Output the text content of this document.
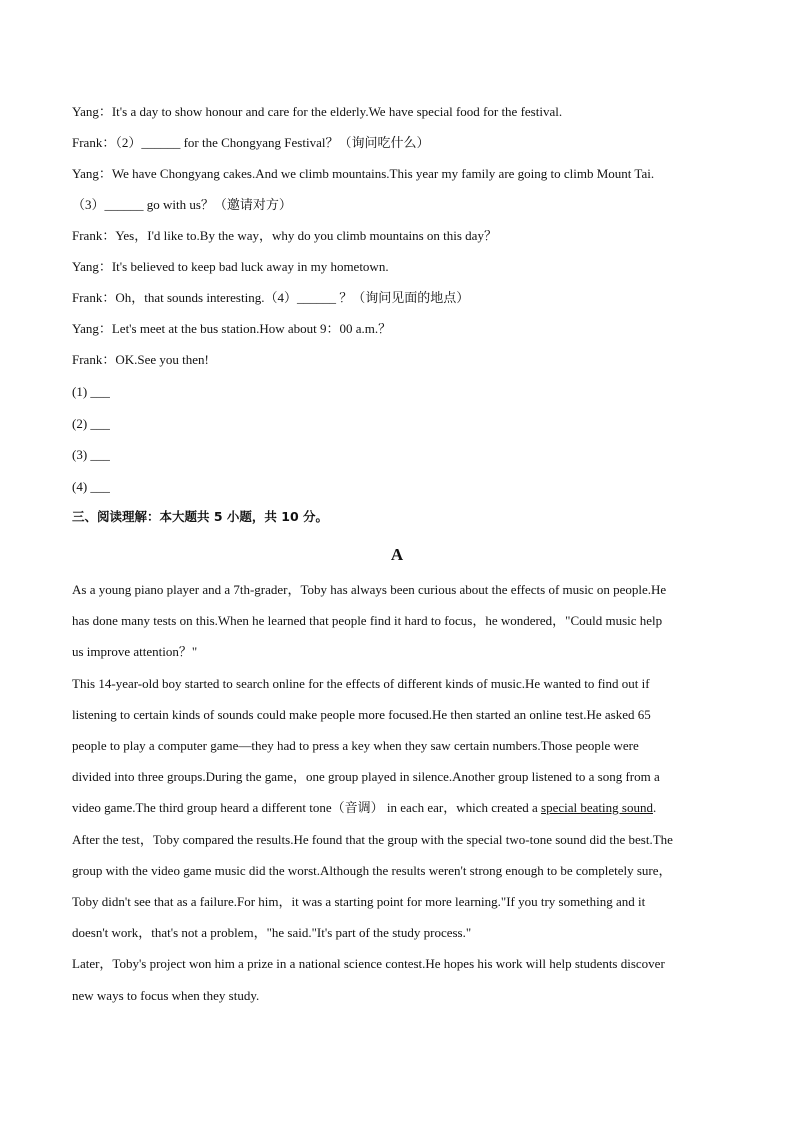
Yang：It's a day to show honour and care for the elderly.We have special food for the festival.
Frank：（2）______ for the Chongyang Festival？（询问吃什么）
Yang：We have Chongyang cakes.And we climb mountains.This year my family are going to climb Mount Tai.
（3）______ go with us？（邀请对方）
Frank：Yes，I'd like to.By the way，why do you climb mountains on this day？
Yang：It's believed to keep bad luck away in my hometown.
Frank：Oh，that sounds interesting.（4）______ ？（询问见面的地点）
Yang：Let's meet at the bus station.How about 9：00 a.m.？
Frank：OK.See you then!
(1) ___
(2) ___
(3) ___
(4) ___
三、阅读理解：本大题共 5 小题，共 10 分。
A
As a young piano player and a 7th-grader，Toby has always been curious about the effects of music on people.He
has done many tests on this.When he learned that people find it hard to focus，he wondered，"Could music help
us improve attention？"
This 14-year-old boy started to search online for the effects of different kinds of music.He wanted to find out if
listening to certain kinds of sounds could make people more focused.He then started an online test.He asked 65
people to play a computer game—they had to press a key when they saw certain numbers.Those people were
divided into three groups.During the game，one group played in silence.Another group listened to a song from a
video game.The third group heard a different tone（音调） in each ear，which created a special beating sound.
After the test，Toby compared the results.He found that the group with the special two-tone sound did the best.The
group with the video game music did the worst.Although the results weren't strong enough to be completely sure，
Toby didn't see that as a failure.For him，it was a starting point for more learning."If you try something and it
doesn't work，that's not a problem，"he said."It's part of the study process."
Later，Toby's project won him a prize in a national science contest.He hopes his work will help students discover
new ways to focus when they study.
